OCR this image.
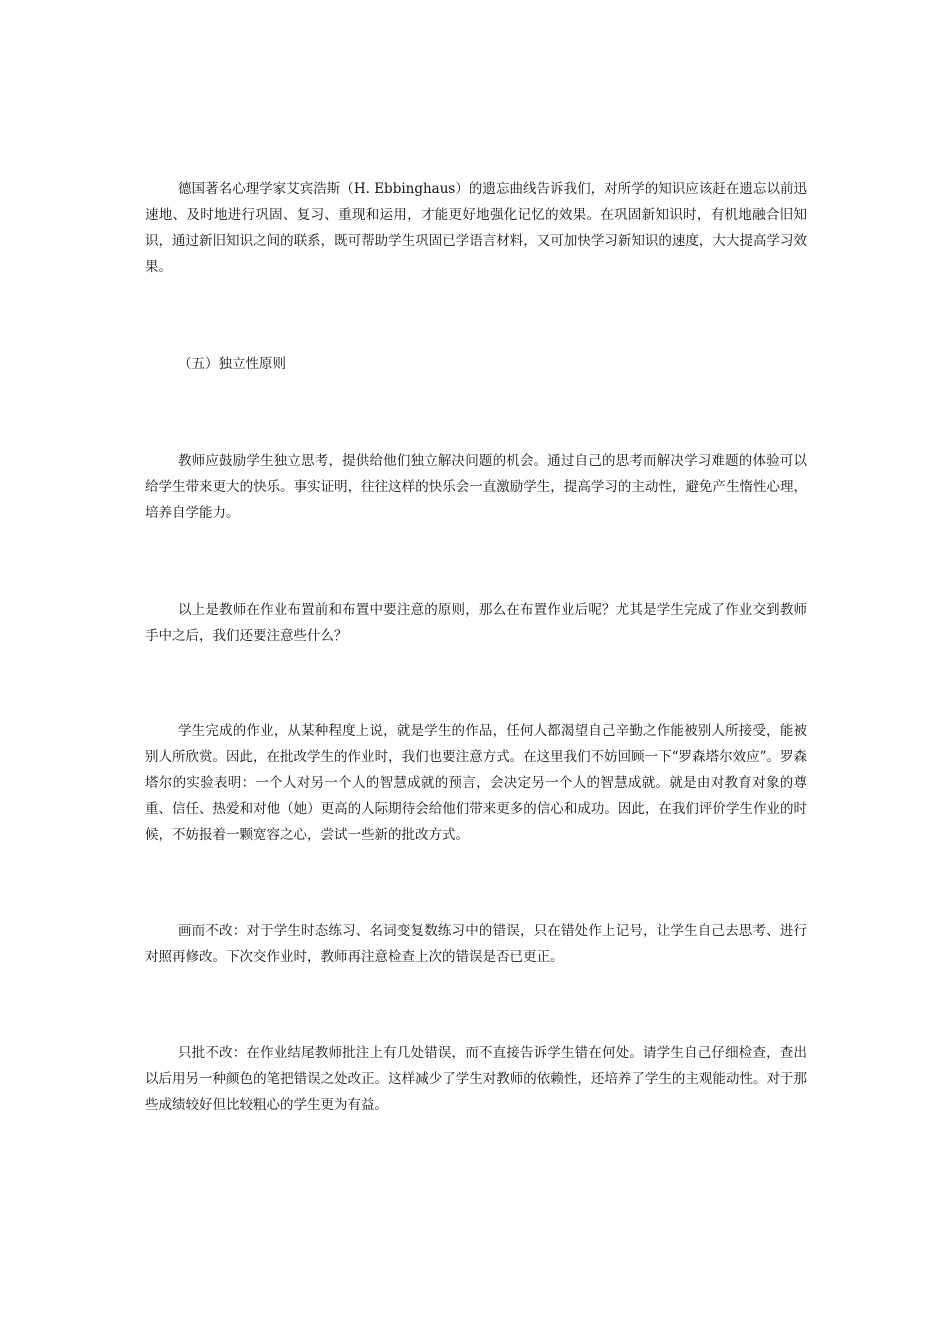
德国著名心理学家艾宾浩斯（H. Ebbinghaus）的遗忘曲线告诉我们，对所学的知识应该赶在遗忘以前迅速地、及时地进行巩固、复习、重现和运用，才能更好地强化记忆的效果。在巩固新知识时，有机地融合旧知识，通过新旧知识之间的联系，既可帮助学生巩固已学语言材料，又可加快学习新知识的速度，大大提高学习效果。

（五）独立性原则

教师应鼓励学生独立思考，提供给他们独立解决问题的机会。通过自己的思考而解决学习难题的体验可以给学生带来更大的快乐。事实证明，往往这样的快乐会一直激励学生，提高学习的主动性，避免产生惰性心理，培养自学能力。

以上是教师在作业布置前和布置中要注意的原则，那么在布置作业后呢？尤其是学生完成了作业交到教师手中之后，我们还要注意些什么？

学生完成的作业，从某种程度上说，就是学生的作品，任何人都渴望自己辛勤之作能被别人所接受，能被别人所欣赏。因此，在批改学生的作业时，我们也要注意方式。在这里我们不妨回顾一下“罗森塔尔效应”。罗森塔尔的实验表明：一个人对另一个人的智慧成就的预言，会决定另一个人的智慧成就。就是由对教育对象的尊重、信任、热爱和对他（她）更高的人际期待会给他们带来更多的信心和成功。因此，在我们评价学生作业的时候，不妨报着一颗宽容之心，尝试一些新的批改方式。

画而不改：对于学生时态练习、名词变复数练习中的错误，只在错处作上记号，让学生自己去思考、进行对照再修改。下次交作业时，教师再注意检查上次的错误是否已更正。

只批不改：在作业结尾教师批注上有几处错误，而不直接告诉学生错在何处。请学生自己仔细检查，查出以后用另一种颜色的笔把错误之处改正。这样减少了学生对教师的依赖性，还培养了学生的主观能动性。对于那些成绩较好但比较粗心的学生更为有益。
